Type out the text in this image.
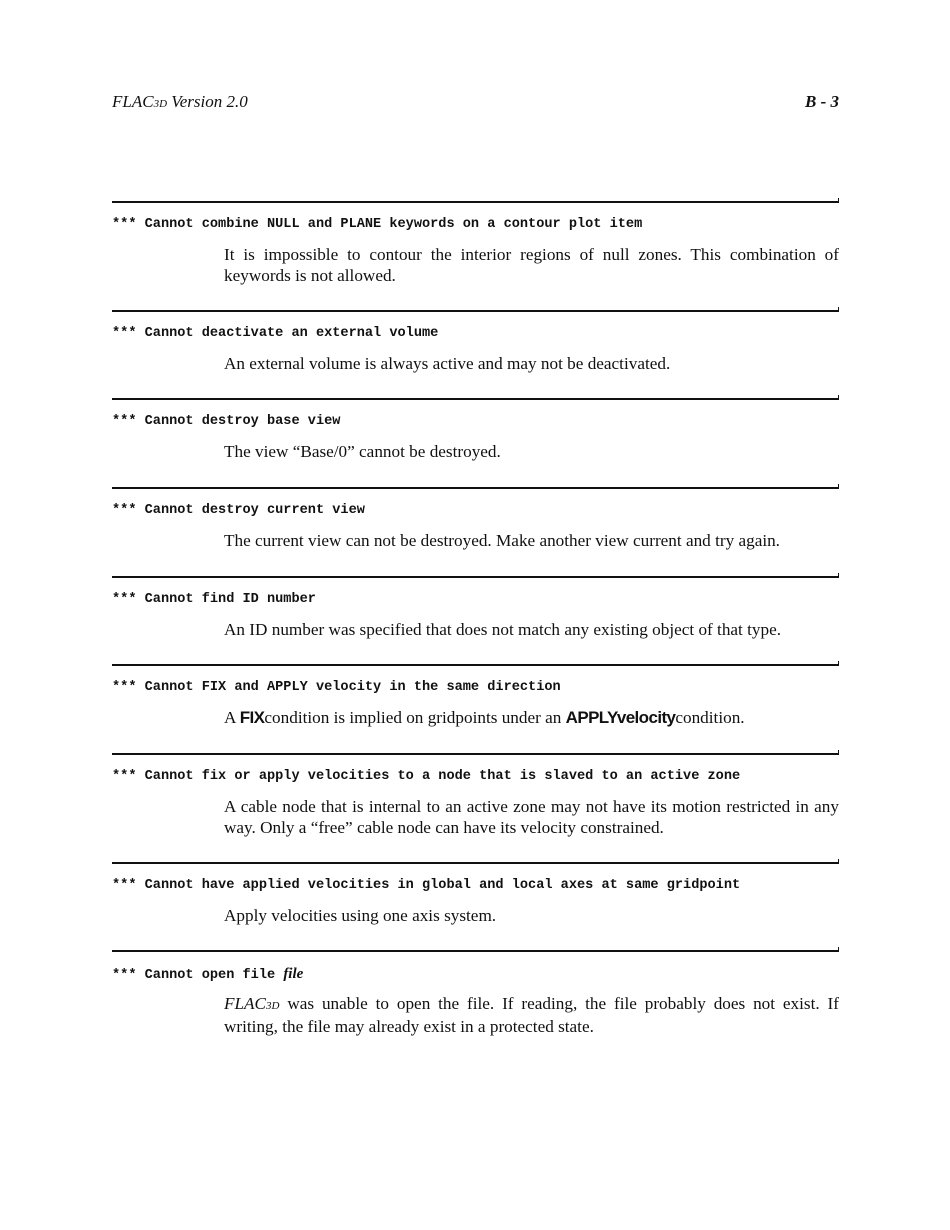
FLAC3D Version 2.0	B - 3
*** Cannot combine NULL and PLANE keywords on a contour plot item
It is impossible to contour the interior regions of null zones. This combination of keywords is not allowed.
*** Cannot deactivate an external volume
An external volume is always active and may not be deactivated.
*** Cannot destroy base view
The view “Base/0” cannot be destroyed.
*** Cannot destroy current view
The current view can not be destroyed. Make another view current and try again.
*** Cannot find ID number
An ID number was specified that does not match any existing object of that type.
*** Cannot FIX and APPLY velocity in the same direction
A FIXcondition is implied on gridpoints under an APPLYvelocitycondition.
*** Cannot fix or apply velocities to a node that is slaved to an active zone
A cable node that is internal to an active zone may not have its motion restricted in any way. Only a “free” cable node can have its velocity constrained.
*** Cannot have applied velocities in global and local axes at same gridpoint
Apply velocities using one axis system.
*** Cannot open file file
FLAC3D was unable to open the file. If reading, the file probably does not exist. If writing, the file may already exist in a protected state.
